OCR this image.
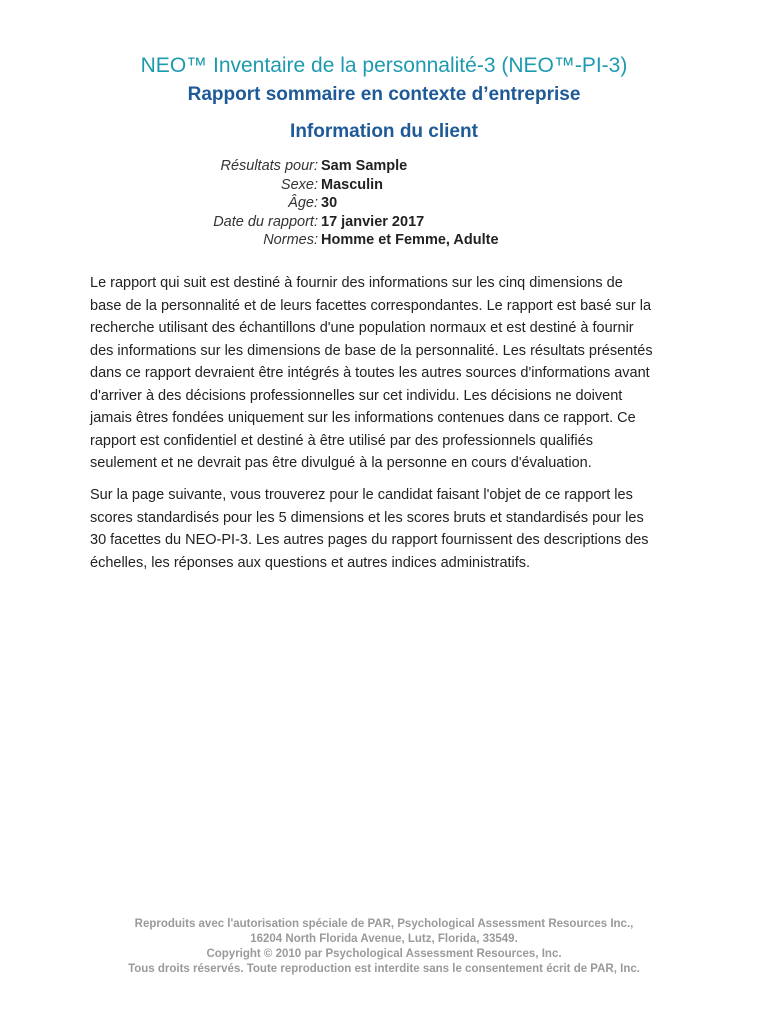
NEO™ Inventaire de la personnalité-3 (NEO™-PI-3)
Rapport sommaire en contexte d’entreprise
Information du client
Résultats pour: Sam Sample
Sexe: Masculin
Âge: 30
Date du rapport: 17 janvier 2017
Normes: Homme et Femme, Adulte
Le rapport qui suit est destiné à fournir des informations sur les cinq dimensions de
base de la personnalité et de leurs facettes correspondantes. Le rapport est basé sur la
recherche utilisant des échantillons d'une population normaux et est destiné à fournir
des informations sur les dimensions de base de la personnalité. Les résultats présentés
dans ce rapport devraient être intégrés à toutes les autres sources d'informations avant
d'arriver à des décisions professionnelles sur cet individu. Les décisions ne doivent
jamais êtres fondées uniquement sur les informations contenues dans ce rapport. Ce
rapport est confidentiel et destiné à être utilisé par des professionnels qualifiés
seulement et ne devrait pas être divulgué à la personne en cours d'évaluation.
Sur la page suivante, vous trouverez pour le candidat faisant l'objet de ce rapport les
scores standardisés pour les 5 dimensions et les scores bruts et standardisés pour les
30 facettes du NEO-PI-3. Les autres pages du rapport fournissent des descriptions des
échelles, les réponses aux questions et autres indices administratifs.
Reproduits avec l'autorisation spéciale de PAR, Psychological Assessment Resources Inc.,
16204 North Florida Avenue, Lutz, Florida, 33549.
Copyright © 2010 par Psychological Assessment Resources, Inc.
Tous droits réservés. Toute reproduction est interdite sans le consentement écrit de PAR, Inc.
